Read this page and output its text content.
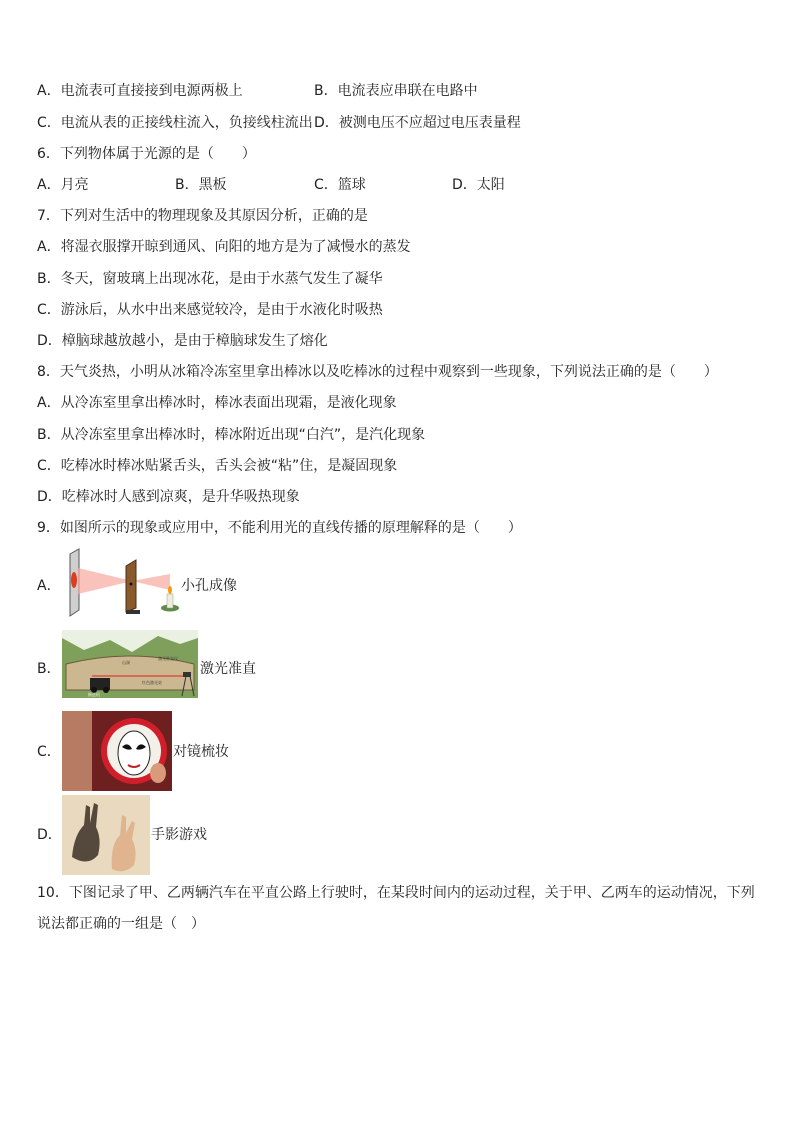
A．电流表可直接接到电源两极上	B．电流表应串联在电路中
C．电流从表的正接线柱流入，负接线柱流出 D．被测电压不应超过电压表量程
6．下列物体属于光源的是（　　）
A．月亮	B．黑板	C．篮球	D．太阳
7．下列对生活中的物理现象及其原因分析，正确的是
A．将湿衣服撑开晾到通风、向阳的地方是为了减慢水的蒸发
B．冬天，窗玻璃上出现冰花，是由于水蒸气发生了凝华
C．游泳后，从水中出来感觉较冷，是由于水液化时吸热
D．樟脑球越放越小，是由于樟脑球发生了熔化
8．天气炎热，小明从冰箱冷冻室里拿出棒冰以及吃棒冰的过程中观察到一些现象，下列说法正确的是（　　）
A．从冷冻室里拿出棒冰时，棒冰表面出现霜，是液化现象
B．从冷冻室里拿出棒冰时，棒冰附近出现“白汽”，是汽化现象
C．吃棒冰时棒冰贴紧舌头，舌头会被“粘”住，是凝固现象
D．吃棒冰时人感到凉爽，是升华吸热现象
9．如图所示的现象或应用中，不能利用光的直线传播的原理解释的是（　　）
A．	小孔成像
B．	山洞
激光准直仪
掘进机
红色激光束
激光准直
C．	对镜梳妆
D．	手影游戏
10．下图记录了甲、乙两辆汽车在平直公路上行驶时，在某段时间内的运动过程，关于甲、乙两车的运动情况，下列
说法都正确的一组是（　）
